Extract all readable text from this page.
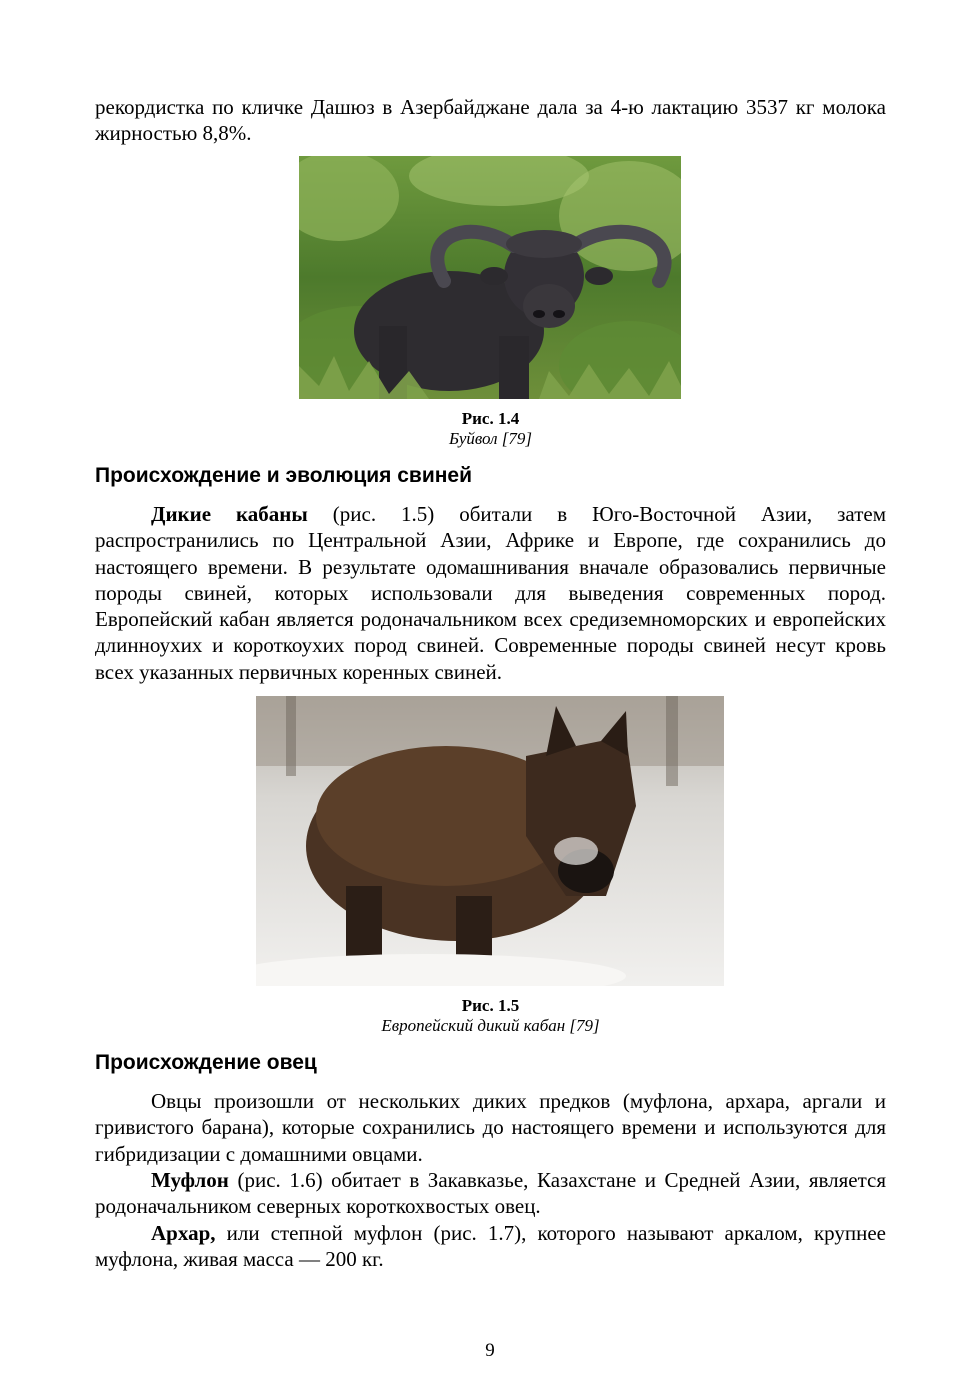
рекордистка по кличке Дашюз в Азербайджане дала за 4-ю лактацию 3537 кг молока жирностью 8,8%.
Рис. 1.4
Буйвол [79]
Происхождение и эволюция свиней
Дикие кабаны (рис. 1.5) обитали в Юго-Восточной Азии, затем распространились по Центральной Азии, Африке и Европе, где сохранились до настоящего времени. В результате одомашнивания вначале образовались первичные породы свиней, которых использовали для выведения современных пород. Европейский кабан является родоначальником всех средиземноморских и европейских длинноухих и короткоухих пород свиней. Современные породы свиней несут кровь всех указанных первичных коренных свиней.
Рис. 1.5
Европейский дикий кабан [79]
Происхождение овец
Овцы произошли от нескольких диких предков (муфлона, архара, аргали и гривистого барана), которые сохранились до настоящего времени и используются для гибридизации с домашними овцами.
Муфлон (рис. 1.6) обитает в Закавказье, Казахстане и Средней Азии, является родоначальником северных короткохвостых овец.
Архар, или степной муфлон (рис. 1.7), которого называют аркалом, крупнее муфлона, живая масса — 200 кг.
9
